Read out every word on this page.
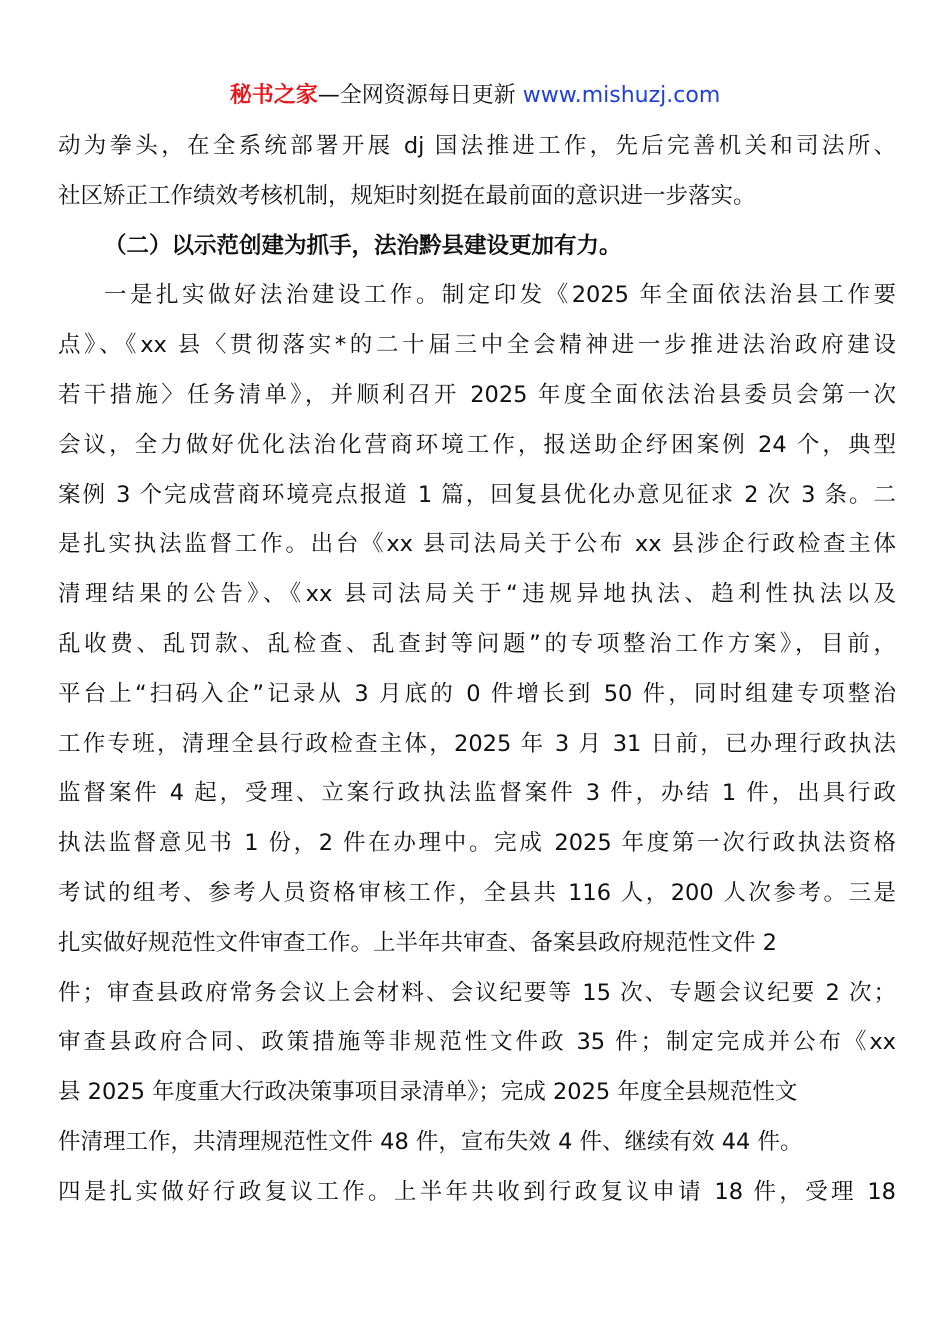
秘书之家—全网资源每日更新 www.mishuzj.com
动为拳头，在全系统部署开展 dj 国法推进工作，先后完善机关和司法所、
社区矫正工作绩效考核机制，规矩时刻挺在最前面的意识进一步落实。
（二）以示范创建为抓手，法治黔县建设更加有力。
一是扎实做好法治建设工作。制定印发《2025 年全面依法治县工作要
点》、《xx 县〈贯彻落实*的二十届三中全会精神进一步推进法治政府建设
若干措施〉任务清单》，并顺利召开 2025 年度全面依法治县委员会第一次
会议，全力做好优化法治化营商环境工作，报送助企纾困案例 24 个，典型
案例 3 个完成营商环境亮点报道 1 篇，回复县优化办意见征求 2 次 3 条。二
是扎实执法监督工作。出台《xx 县司法局关于公布 xx 县涉企行政检查主体
清理结果的公告》、《xx 县司法局关于“违规异地执法、趋利性执法以及
乱收费、乱罚款、乱检查、乱查封等问题”的专项整治工作方案》，目前，
平台上“扫码入企”记录从 3 月底的 0 件增长到 50 件，同时组建专项整治
工作专班，清理全县行政检查主体，2025 年 3 月 31 日前，已办理行政执法
监督案件 4 起，受理、立案行政执法监督案件 3 件，办结 1 件，出具行政
执法监督意见书 1 份，2 件在办理中。完成 2025 年度第一次行政执法资格
考试的组考、参考人员资格审核工作，全县共 116 人，200 人次参考。三是
扎实做好规范性文件审查工作。上半年共审查、备案县政府规范性文件 2
件；审查县政府常务会议上会材料、会议纪要等 15 次、专题会议纪要 2 次；
审查县政府合同、政策措施等非规范性文件政 35 件；制定完成并公布《xx
县 2025 年度重大行政决策事项目录清单》；完成 2025 年度全县规范性文
件清理工作，共清理规范性文件 48 件，宣布失效 4 件、继续有效 44 件。
四是扎实做好行政复议工作。上半年共收到行政复议申请 18 件，受理 18
